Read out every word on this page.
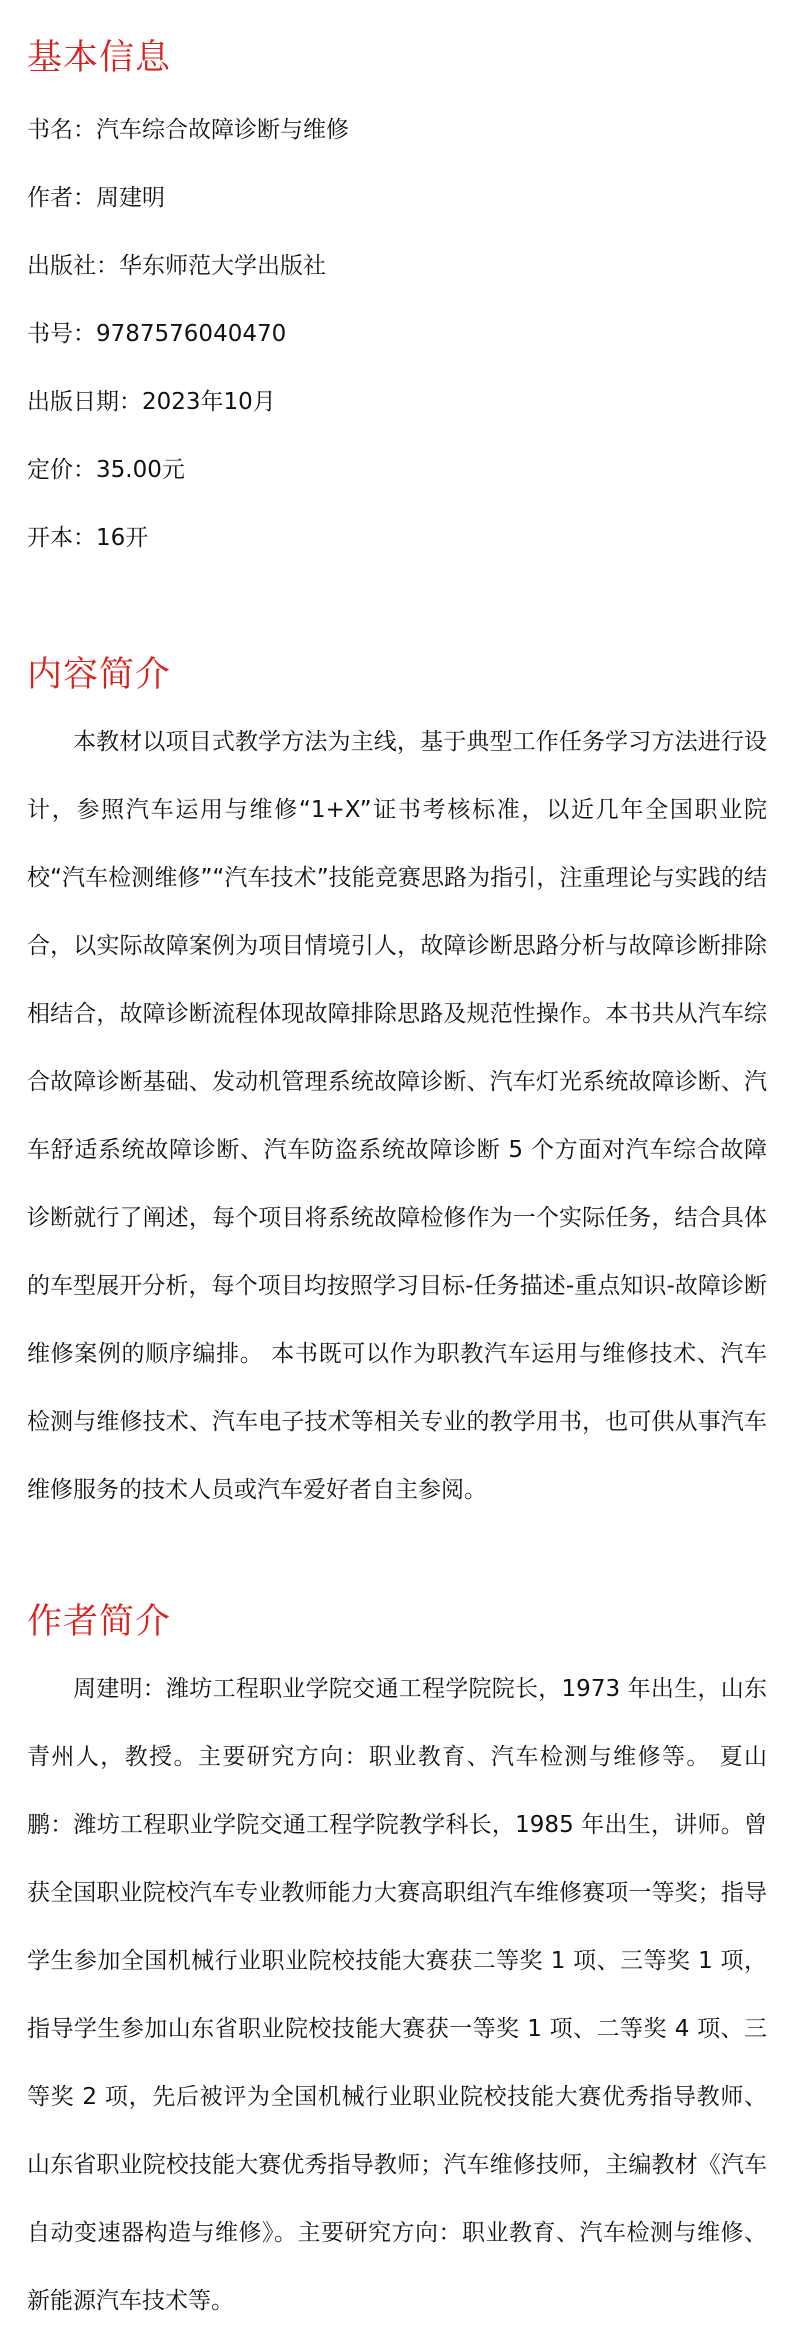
基本信息
书名：汽车综合故障诊断与维修
作者：周建明
出版社：华东师范大学出版社
书号：9787576040470
出版日期：2023年10月
定价：35.00元
开本：16开
内容简介

本教材以项目式教学方法为主线，基于典型工作任务学习方法进行设计，参照汽车运用与维修“1+X”证书考核标准，以近几年全国职业院校“汽车检测维修”“汽车技术”技能竞赛思路为指引，注重理论与实践的结合，以实际故障案例为项目情境引人，故障诊断思路分析与故障诊断排除相结合，故障诊断流程体现故障排除思路及规范性操作。本书共从汽车综合故障诊断基础、发动机管理系统故障诊断、汽车灯光系统故障诊断、汽车舒适系统故障诊断、汽车防盗系统故障诊断 5 个方面对汽车综合故障诊断就行了阐述，每个项目将系统故障检修作为一个实际任务，结合具体的车型展开分析，每个项目均按照学习目标-任务描述-重点知识-故障诊断维修案例的顺序编排。 本书既可以作为职教汽车运用与维修技术、汽车检测与维修技术、汽车电子技术等相关专业的教学用书，也可供从事汽车维修服务的技术人员或汽车爱好者自主参阅。

作者简介

周建明：潍坊工程职业学院交通工程学院院长，1973 年出生，山东青州人，教授。主要研究方向：职业教育、汽车检测与维修等。 夏山鹏：潍坊工程职业学院交通工程学院教学科长，1985 年出生，讲师。曾获全国职业院校汽车专业教师能力大赛高职组汽车维修赛项一等奖；指导学生参加全国机械行业职业院校技能大赛获二等奖 1 项、三等奖 1 项，指导学生参加山东省职业院校技能大赛获一等奖 1 项、二等奖 4 项、三等奖 2 项，先后被评为全国机械行业职业院校技能大赛优秀指导教师、山东省职业院校技能大赛优秀指导教师；汽车维修技师，主编教材《汽车自动变速器构造与维修》。主要研究方向：职业教育、汽车检测与维修、新能源汽车技术等。
